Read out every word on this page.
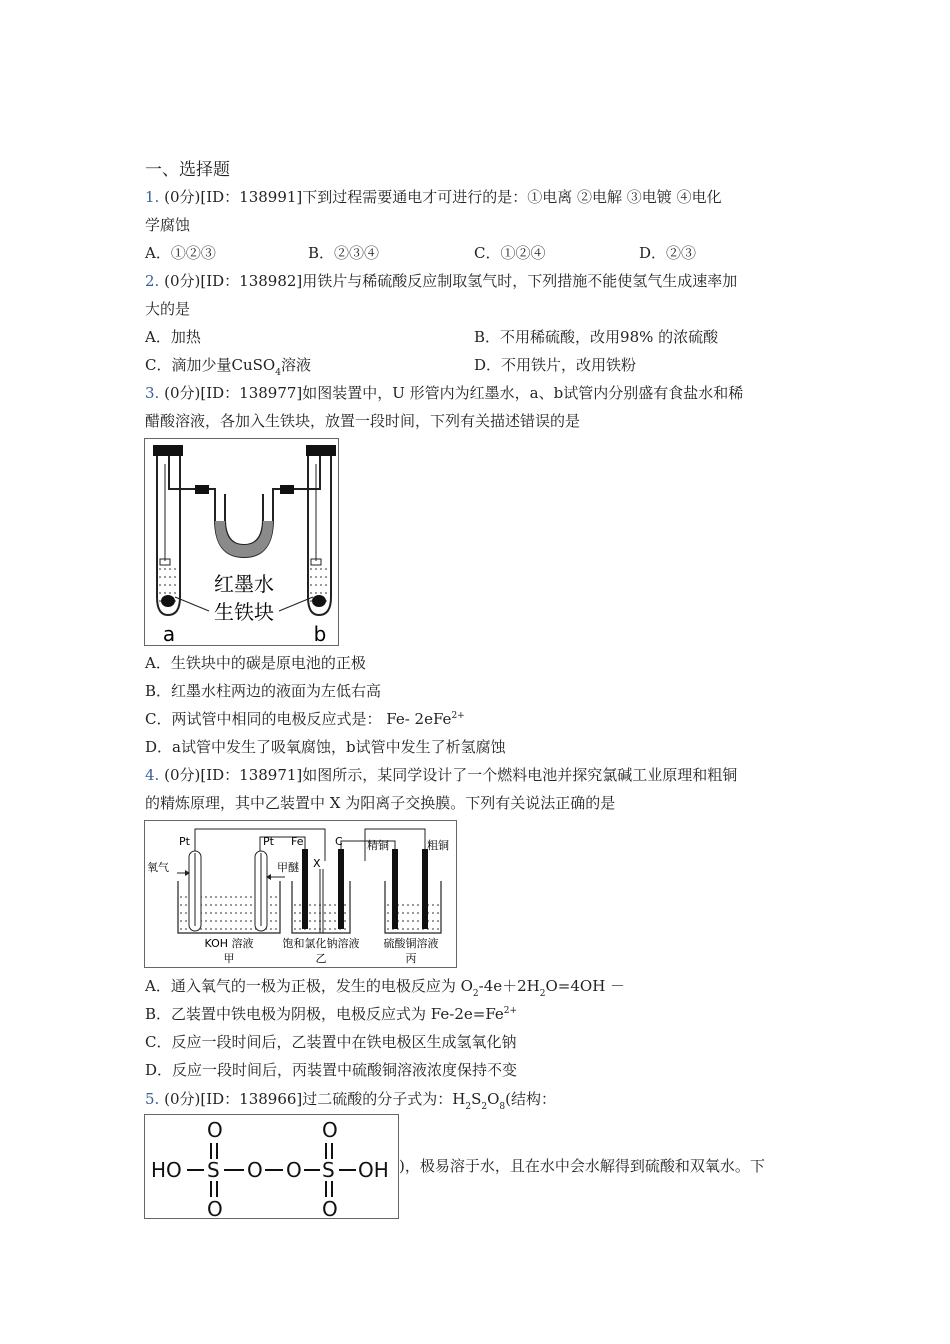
一、选择题
1. (0分)[ID：138991]下到过程需要通电才可进行的是：①电离 ②电解 ③电镀 ④电化
学腐蚀
A．①②③	B．②③④	C．①②④	D．②③
2. (0分)[ID：138982]用铁片与稀硫酸反应制取氢气时，下列措施不能使氢气生成速率加
大的是
A．加热	B．不用稀硫酸，改用98% 的浓硫酸
C．滴加少量CuSO$_4$溶液	D．不用铁片，改用铁粉
3. (0分)[ID：138977]如图装置中，U 形管内为红墨水，a、b试管内分别盛有食盐水和稀
醋酸溶液，各加入生铁块，放置一段时间，下列有关描述错误的是
红墨水
生铁块
a	b
A．生铁块中的碳是原电池的正极
B．红墨水柱两边的液面为左低右高
C．两试管中相同的电极反应式是： Fe- 2eFe$^{2+}$
D．a试管中发生了吸氧腐蚀，b试管中发生了析氢腐蚀
4. (0分)[ID：138971]如图所示，某同学设计了一个燃料电池并探究氯碱工业原理和粗铜
的精炼原理，其中乙装置中 X 为阳离子交换膜。下列有关说法正确的是
Pt	Pt
氧气	甲醚
Fe	C
X
精铜	粗铜
KOH 溶液
甲
饱和氯化钠溶液
乙
硫酸铜溶液
丙
A．通入氧气的一极为正极，发生的电极反应为 $O_2-4e+2H_2O=4OH$ －
B．乙装置中铁电极为阴极，电极反应式为 $Fe-2e=Fe^{2+}$
C．反应一段时间后，乙装置中在铁电极区生成氢氧化钠
D．反应一段时间后，丙装置中硫酸铜溶液浓度保持不变
5. (0分)[ID：138966]过二硫酸的分子式为：$H_2S_2O_8$(结构：
HO S
O
O
O O S
O
O
OH )，极易溶于水，且在水中会水解得到硫酸和双氧水。下
